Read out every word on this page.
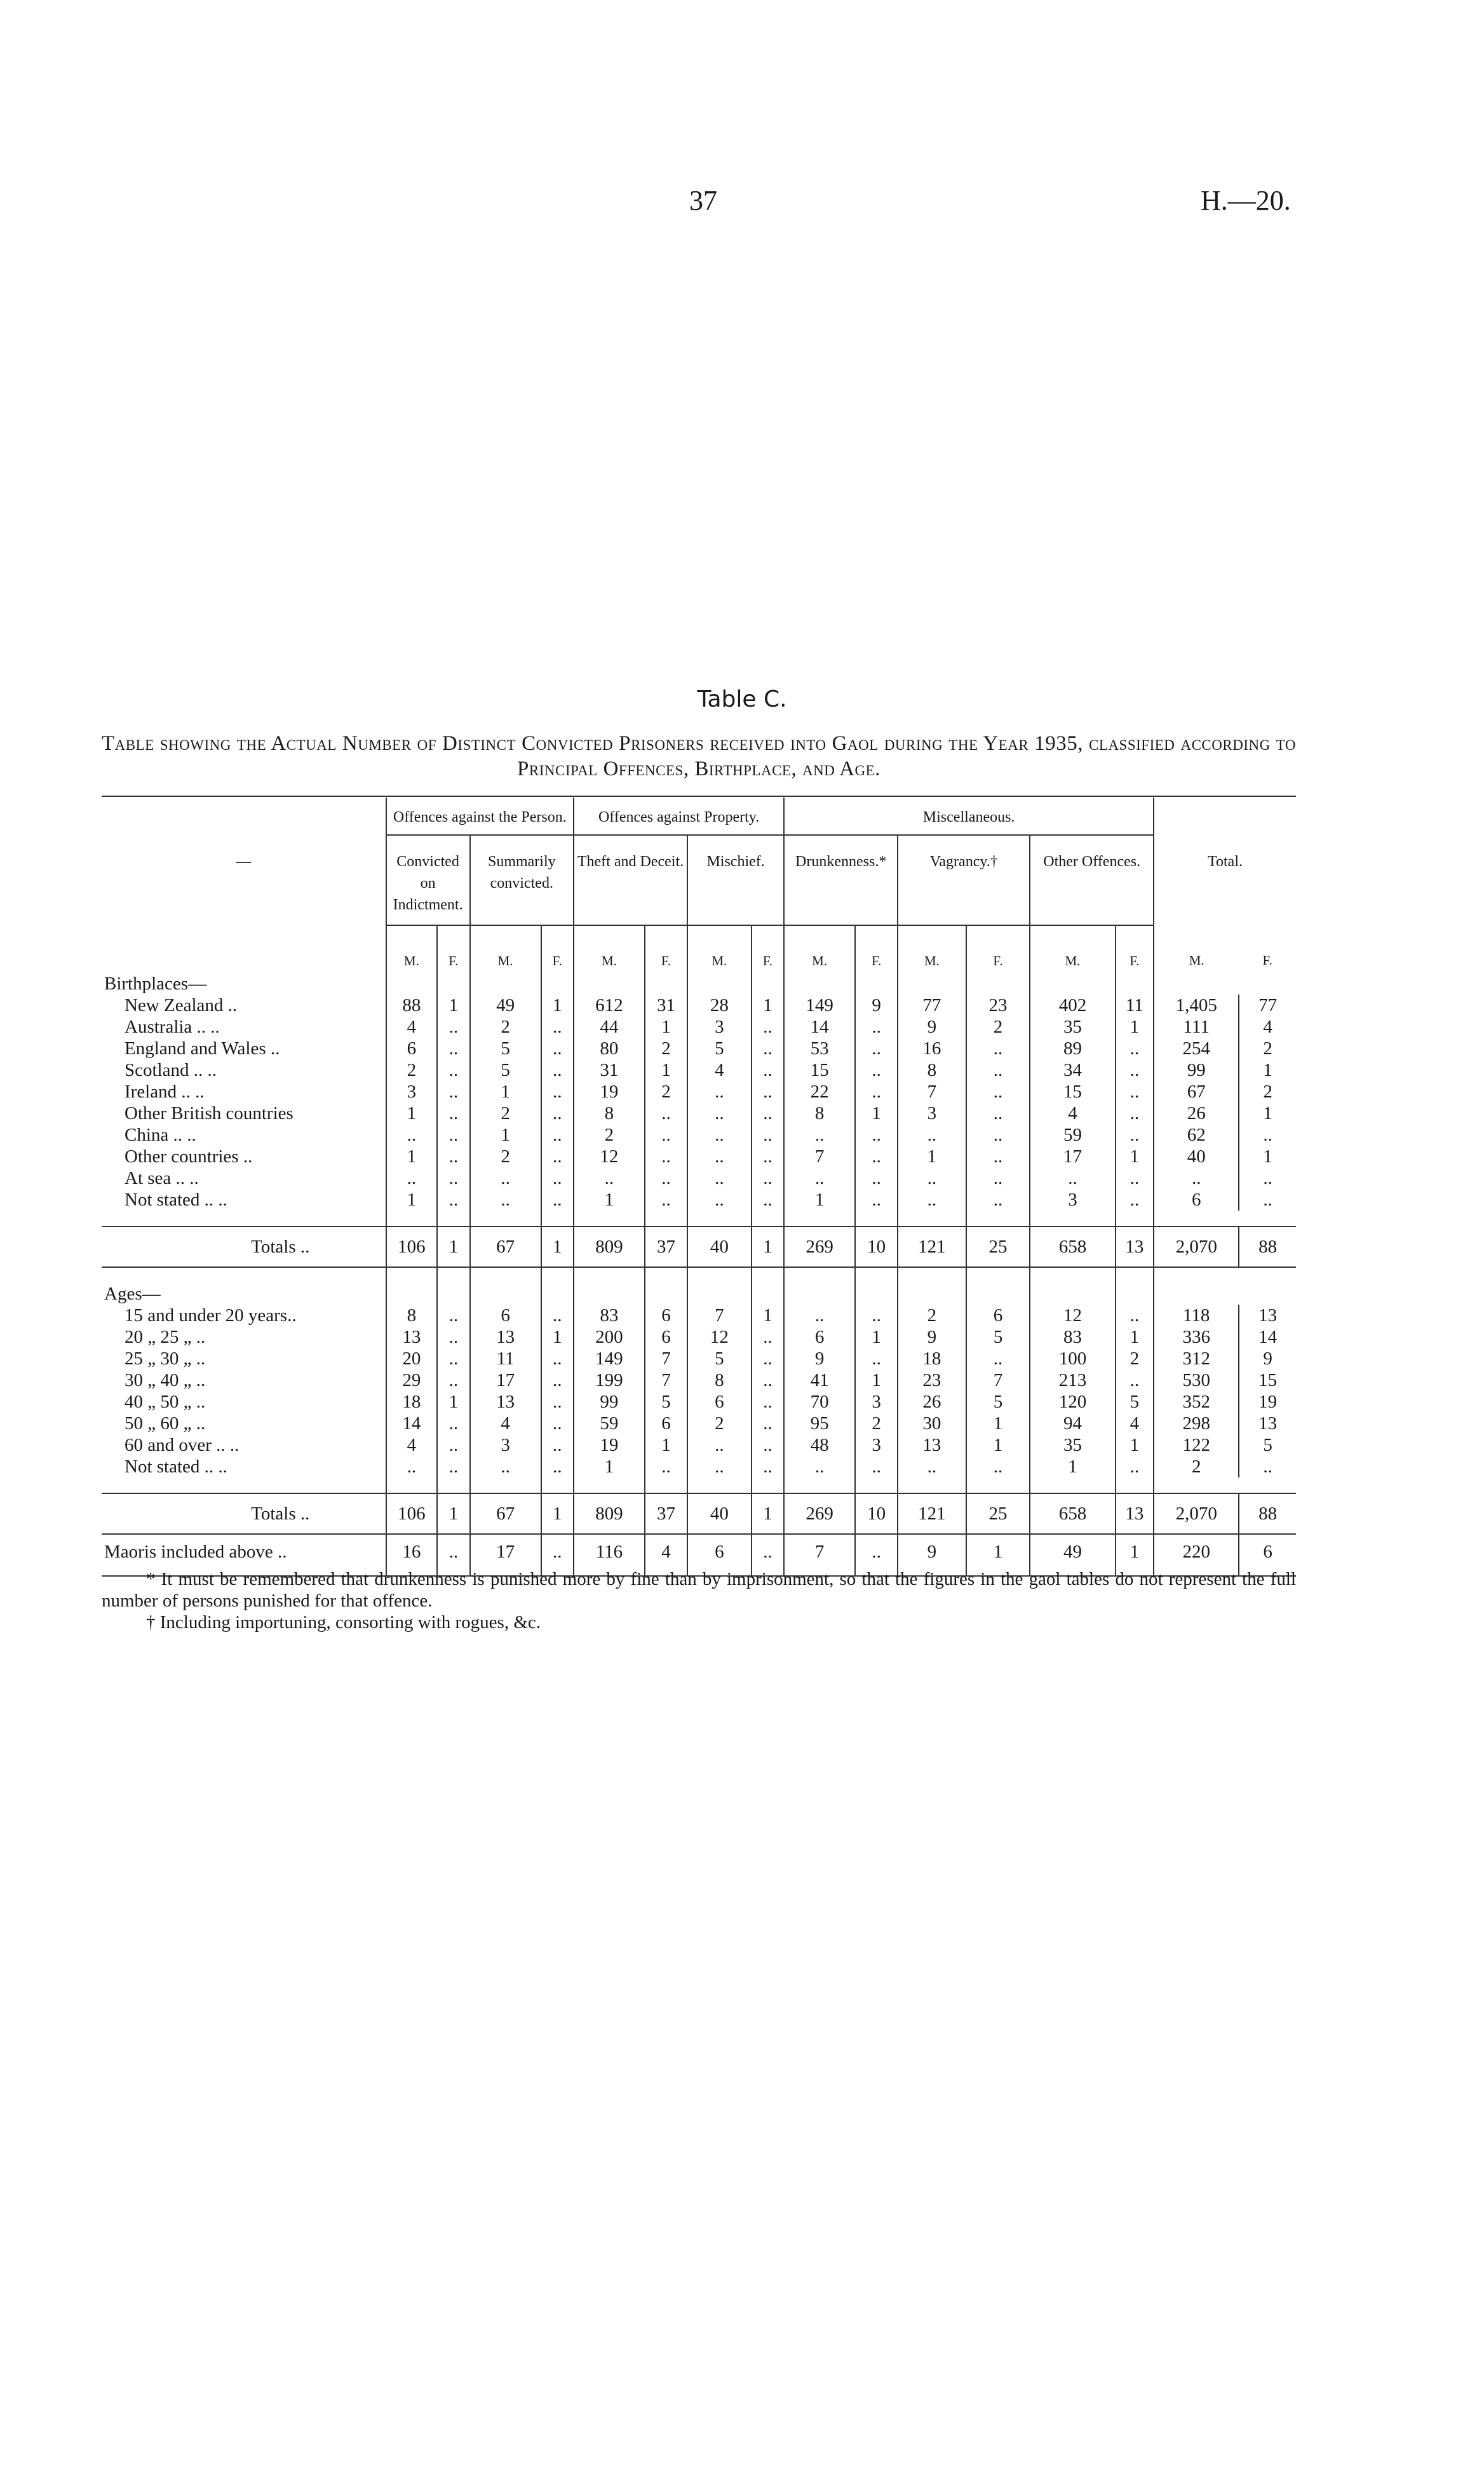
37	H.—20.
Table C.
Table showing the Actual Number of Distinct Convicted Prisoners received into Gaol during the Year 1935, classified according to Principal Offences, Birthplace, and Age.
—	Offences against the Person.				Offences against Property.				Miscellaneous.						Total.	
	Convicted on Indictment.		Summarily convicted.		Theft and Deceit.		Mischief.		Drunkenness.*		Vagrancy.†		Other Offences.			
	M.	F.	M.	F.	M.	F.	M.	F.	M.	F.	M.	F.	M.	F.	M.	F.
Birthplaces—																
New Zealand ..	88	1	49	1	612	31	28	1	149	9	77	23	402	11	1,405	77
Australia .. ..	4	..	2	..	44	1	3	..	14	..	9	2	35	1	111	4
England and Wales ..	6	..	5	..	80	2	5	..	53	..	16	..	89	..	254	2
Scotland .. ..	2	..	5	..	31	1	4	..	15	..	8	..	34	..	99	1
Ireland .. ..	3	..	1	..	19	2	..	..	22	..	7	..	15	..	67	2
Other British countries	1	..	2	..	8	..	..	..	8	1	3	..	4	..	26	1
China .. ..	..	..	1	..	2	..	..	..	..	..	..	..	59	..	62	..
Other countries ..	1	..	2	..	12	..	..	..	7	..	1	..	17	1	40	1
At sea .. ..	..	..	..	..	..	..	..	..	..	..	..	..	..	..	..	..
Not stated .. ..	1	..	..	..	1	..	..	..	1	..	..	..	3	..	6	..

Totals ..	106	1	67	1	809	37	40	1	269	10	121	25	658	13	2,070	88

Ages—																
15 and under 20 years..	8	..	6	..	83	6	7	1	..	..	2	6	12	..	118	13
20 „ 25 „ ..	13	..	13	1	200	6	12	..	6	1	9	5	83	1	336	14
25 „ 30 „ ..	20	..	11	..	149	7	5	..	9	..	18	..	100	2	312	9
30 „ 40 „ ..	29	..	17	..	199	7	8	..	41	1	23	7	213	..	530	15
40 „ 50 „ ..	18	1	13	..	99	5	6	..	70	3	26	5	120	5	352	19
50 „ 60 „ ..	14	..	4	..	59	6	2	..	95	2	30	1	94	4	298	13
60 and over .. ..	4	..	3	..	19	1	..	..	48	3	13	1	35	1	122	5
Not stated .. ..	..	..	..	..	1	..	..	..	..	..	..	..	1	..	2	..

Totals ..	106	1	67	1	809	37	40	1	269	10	121	25	658	13	2,070	88
Maoris included above ..	16	..	17	..	116	4	6	..	7	..	9	1	49	1	220	6

* It must be remembered that drunkenness is punished more by fine than by imprisonment, so that the figures in the gaol tables do not represent the full number of persons punished for that offence.

† Including importuning, consorting with rogues, &c.
